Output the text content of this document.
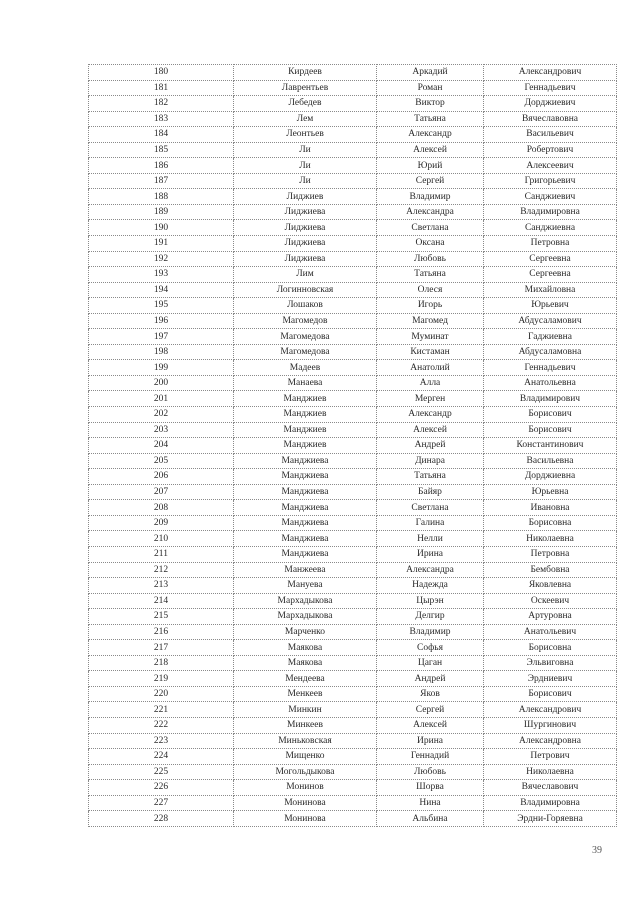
180	Кирдеев	Аркадий	Александрович
181	Лаврентьев	Роман	Геннадьевич
182	Лебедев	Виктор	Дорджиевич
183	Лем	Татьяна	Вячеславовна
184	Леонтьев	Александр	Васильевич
185	Ли	Алексей	Робертович
186	Ли	Юрий	Алексеевич
187	Ли	Сергей	Григорьевич
188	Лиджиев	Владимир	Санджиевич
189	Лиджиева	Александра	Владимировна
190	Лиджиева	Светлана	Санджиевна
191	Лиджиева	Оксана	Петровна
192	Лиджиева	Любовь	Сергеевна
193	Лим	Татьяна	Сергеевна
194	Логинновская	Олеся	Михайловна
195	Лошаков	Игорь	Юрьевич
196	Магомедов	Магомед	Абдусаламович
197	Магомедова	Муминат	Гаджиевна
198	Магомедова	Кистаман	Абдусаламовна
199	Мадеев	Анатолий	Геннадьевич
200	Манаева	Алла	Анатольевна
201	Манджиев	Мерген	Владимирович
202	Манджиев	Александр	Борисович
203	Манджиев	Алексей	Борисович
204	Манджиев	Андрей	Константинович
205	Манджиева	Динара	Васильевна
206	Манджиева	Татьяна	Дорджиевна
207	Манджиева	Байяр	Юрьевна
208	Манджиева	Светлана	Ивановна
209	Манджиева	Галина	Борисовна
210	Манджиева	Нелли	Николаевна
211	Манджиева	Ирина	Петровна
212	Манжеева	Александра	Бембовна
213	Мануева	Надежда	Яковлевна
214	Мархадыкова	Цырэн	Оскеевич
215	Мархадыкова	Делгир	Артуровна
216	Марченко	Владимир	Анатольевич
217	Маякова	Софья	Борисовна
218	Маякова	Цаган	Эльвиговна
219	Мендеева	Андрей	Эрдниевич
220	Менкеев	Яков	Борисович
221	Минкин	Сергей	Александрович
222	Минкеев	Алексей	Шургинович
223	Миньковская	Ирина	Александровна
224	Мищенко	Геннадий	Петрович
225	Могольдыкова	Любовь	Николаевна
226	Монинов	Шорва	Вячеславович
227	Монинова	Нина	Владимировна
228	Монинова	Альбина	Эрдни-Горяевна
39
